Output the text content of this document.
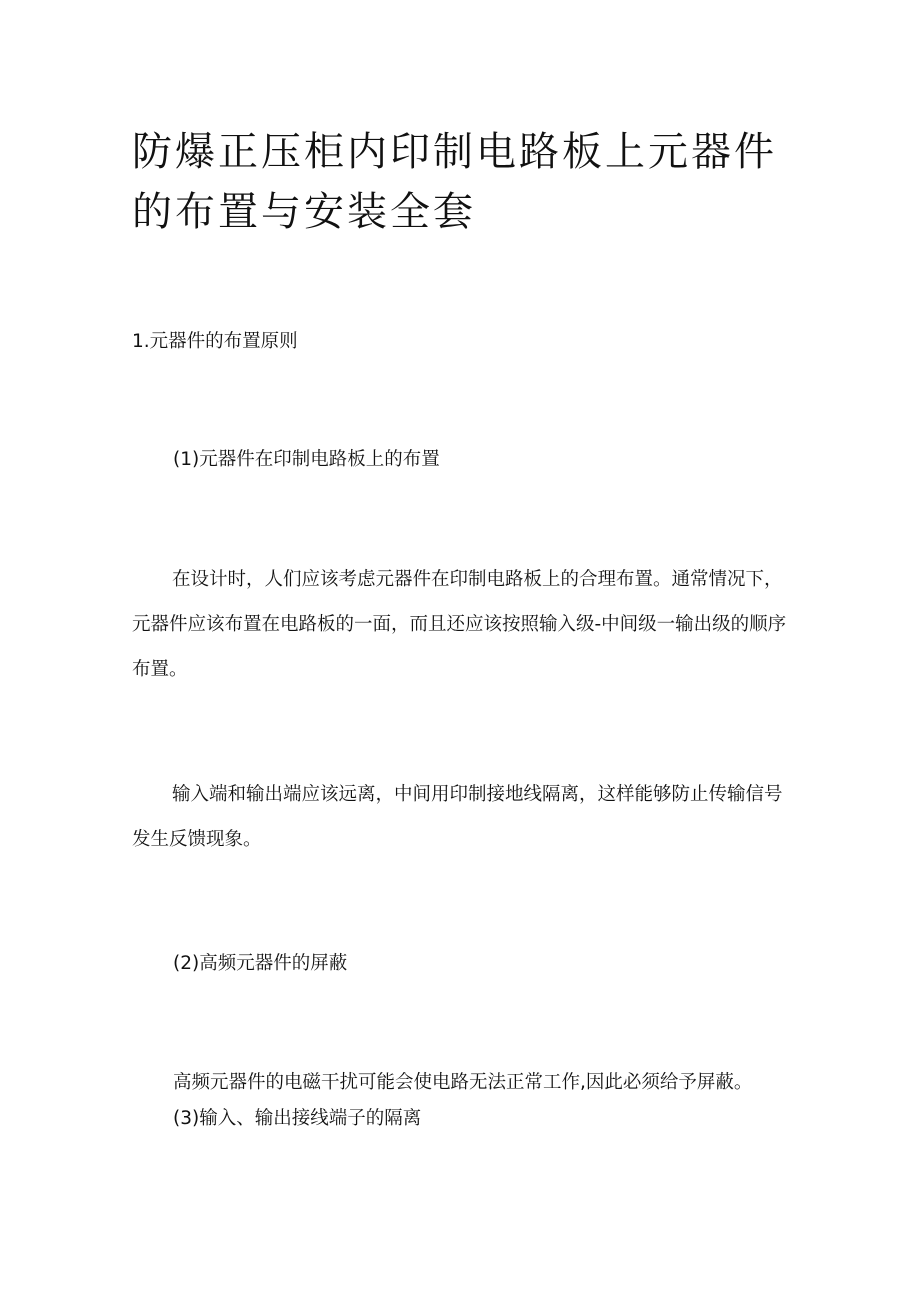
防爆正压柜内印制电路板上元器件的布置与安装全套

1.元器件的布置原则

(1)元器件在印制电路板上的布置

在设计时，人们应该考虑元器件在印制电路板上的合理布置。通常情况下，元器件应该布置在电路板的一面，而且还应该按照输入级-中间级一输出级的顺序布置。

输入端和输出端应该远离，中间用印制接地线隔离，这样能够防止传输信号发生反馈现象。

(2)高频元器件的屏蔽

高频元器件的电磁干扰可能会使电路无法正常工作,因此必须给予屏蔽。

(3)输入、输出接线端子的隔离
